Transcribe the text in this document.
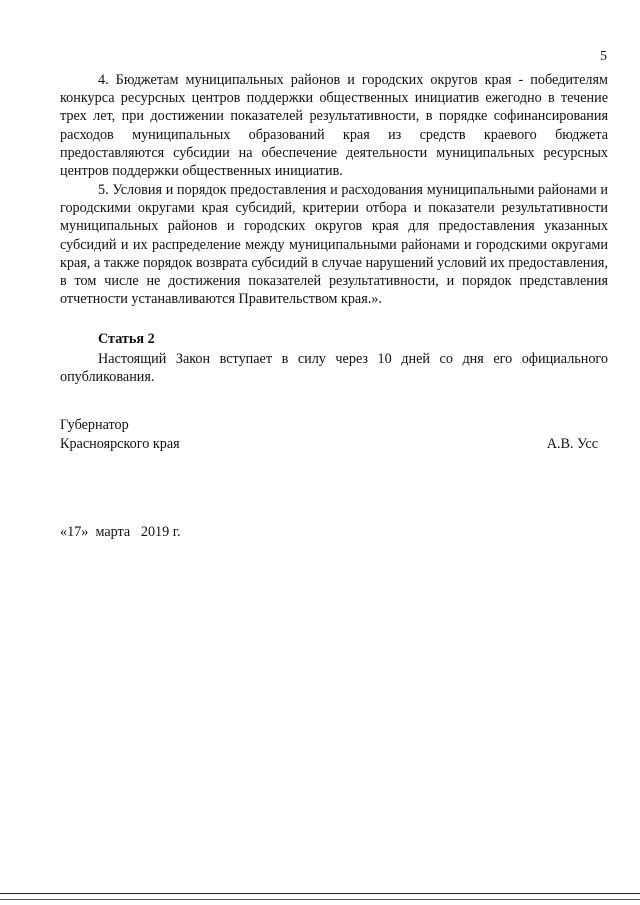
5

4. Бюджетам муниципальных районов и городских округов края - победителям конкурса ресурсных центров поддержки общественных инициатив ежегодно в течение трех лет, при достижении показателей результативности, в порядке софинансирования расходов муниципальных образований края из средств краевого бюджета предоставляются субсидии на обеспечение деятельности муниципальных ресурсных центров поддержки общественных инициатив.

5. Условия и порядок предоставления и расходования муниципальными районами и городскими округами края субсидий, критерии отбора и показатели результативности муниципальных районов и городских округов края для предоставления указанных субсидий и их распределение между муниципальными районами и городскими округами края, а также порядок возврата субсидий в случае нарушений условий их предоставления, в том числе не достижения показателей результативности, и порядок представления отчетности устанавливаются Правительством края.».

Статья 2

Настоящий Закон вступает в силу через 10 дней со дня его официального опубликования.

Губернатор
Красноярского края	А.В. Усс
«17»  марта   2019 г.
